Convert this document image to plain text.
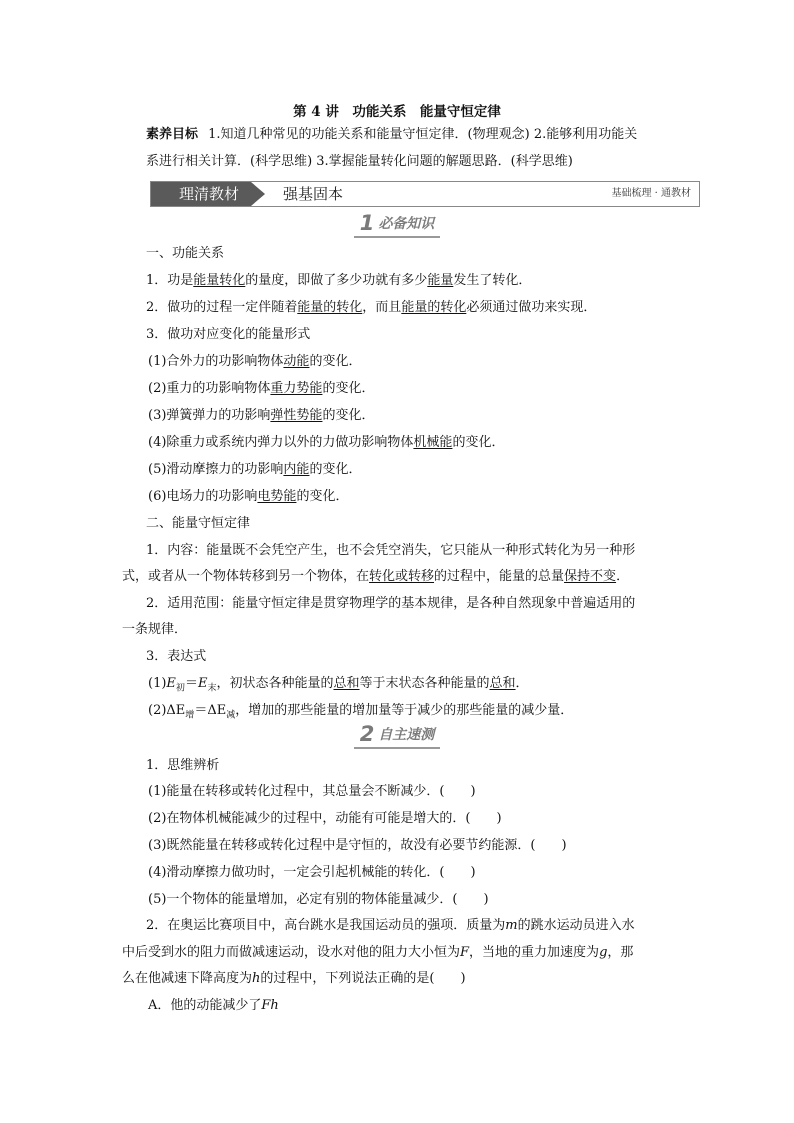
第 4 讲　功能关系　能量守恒定律
素养目标 1.知道几种常见的功能关系和能量守恒定律．(物理观念) 2.能够利用功能关
系进行相关计算．(科学思维) 3.掌握能量转化问题的解题思路．(科学思维)
理清教材	强基固本	基础梳理 · 通教材
1 必备知识
一、功能关系
1．功是能量转化的量度，即做了多少功就有多少能量发生了转化．
2．做功的过程一定伴随着能量的转化，而且能量的转化必须通过做功来实现．
3．做功对应变化的能量形式
(1)合外力的功影响物体动能的变化．
(2)重力的功影响物体重力势能的变化．
(3)弹簧弹力的功影响弹性势能的变化．
(4)除重力或系统内弹力以外的力做功影响物体机械能的变化．
(5)滑动摩擦力的功影响内能的变化．
(6)电场力的功影响电势能的变化．
二、能量守恒定律
1．内容：能量既不会凭空产生，也不会凭空消失，它只能从一种形式转化为另一种形
式，或者从一个物体转移到另一个物体，在转化或转移的过程中，能量的总量保持不变．
2．适用范围：能量守恒定律是贯穿物理学的基本规律，是各种自然现象中普遍适用的
一条规律．
3．表达式
$(1)E_初=E_末$，初状态各种能量的总和等于末状态各种能量的总和．
$(2)\Delta E_增=\Delta E_减$，增加的那些能量的增加量等于减少的那些能量的减少量．
2 自主速测
1．思维辨析
(1)能量在转移或转化过程中，其总量会不断减少．(　　)
(2)在物体机械能减少的过程中，动能有可能是增大的．(　　)
(3)既然能量在转移或转化过程中是守恒的，故没有必要节约能源．(　　)
(4)滑动摩擦力做功时，一定会引起机械能的转化．(　　)
(5)一个物体的能量增加，必定有别的物体能量减少．(　　)
2．在奥运比赛项目中，高台跳水是我国运动员的强项．质量为m的跳水运动员进入水
中后受到水的阻力而做减速运动，设水对他的阻力大小恒为F，当地的重力加速度为g，那
么在他减速下降高度为h的过程中，下列说法正确的是(　　)
A．他的动能减少了Fh
